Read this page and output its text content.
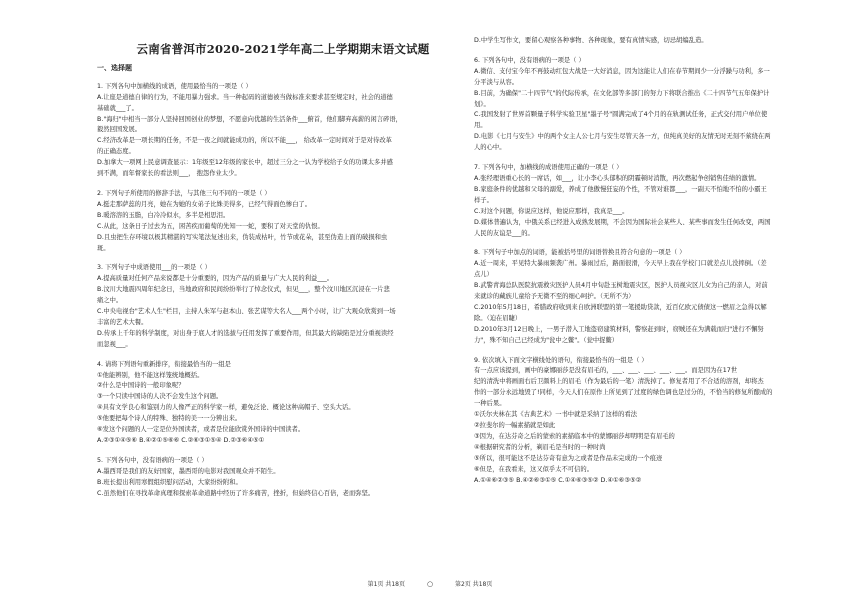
云南省普洱市2020-2021学年高二上学期期末语文试题
一、选择题
1. 下列各句中加横线的成语，使用最恰当的一项是（ ）
A.让座是道德自律的行为，不能用暴力强求。当一种起码的道德被当做标准来要求甚至规定时，社会的道德
基础就___了。
B."海归"中相当一部分人坚持回国创业的梦想，不愿意向优越的生活条件___俯首，他们脚弃高薪的闲言碎语，
毅然回国发展。
C.经济改革是一项长期的任务，不是一夜之间就能成功的，所以不能___， 给改革一定时间对于是对待改革
的正确态度。
D.加拿大一项网上民意调查显示：1年级至12年级的家长中，超过三分之一认为学校给子女的功课太多并感
到不满，而年督家长的看法则___， 抱怨作业太少。
2. 下列句子所使用的修辞手法，与其他三句不同的一项是（ ）
A.挺走那萨蕊的月亮，她在为她的女弟子比姝美得多，已经气得面色惨白了。
B.暖溶溶的玉脂，白冷冷似水，多半是相思泪。
C.从此，这条日子过去为五，困苦疾而葡萄的先知一一蛇，要积了对天堂的仇恨。
D.且虫把生存环境以极其精湛的写实笔法复述出来，伪装成枯叶，竹节或花朵，甚至伪造上面的破损和虫
斑。
3. 下列句子中成语使用___的一项是（ ）
A.提高质量对任何产品来说都是十分重要的，因为产品的质量与广大人民的利益___。
B.汶川大地震四周年纪念日，当地政府和民间纷纷举行了悼念仪式，但见___，整个汶川地区沉浸在一片悲
痛之中。
C.中央电视台"艺术人生"栏目，主持人朱军与赵本山、张艺谋等大名人___两个小时，让广大观众欣赏到一场
丰富的艺术大餐。
D.传承上千年的科学制度，对出身于底人才的选拔与任用发挥了重要作用，但其最大的缺陷是过分重视读经
而忽视___。
4. 请将下列语句重新排序，衔接最恰当的一组是
①他能辨别，他不能这样笼统地概括。
②什么是中国诗的一般印象呢？
③一个只读中国诗的人决不会发生这个问题。
④具有文学良心和鉴别力的人像严正的科学家一样，避免泛论、概论这种高帽子、空头大话。
⑤他要把每个诗人的特殊、独特的美一一分辨出来。
⑥发这个问题的人一定是位外国读者，或者是位能欣赏外国诗的中国读者。
A.②③①④⑤⑥ B.④②①⑤⑥⑥ C.②⑥③①⑤④ D.②③⑥④⑤①
5. 下列各句中，没有语病的一项是（ ）
A.墨西哥是我们的友好国家，墨西哥的电影对我国观众并不陌生。
B.班长提出利用寒假组织慰问活动，大家纷纷附和。
C.虽然他们在寻找革命真理和探索革命道路中经历了许多痛苦，挫折，但始终信心百倍，老而弥坚。
D.中学生写作文，要留心观察各种事物、各种现象，要有真情实感，切忌胡编乱造。
6. 下列各句中，没有语病的一项是（ ）
A.微信、支付宝今年不再鼓动红包大战是一大好消息，因为这能让人们在春节期间少一分浮躁与功利，多一
分平淡与从容。
B.目前，为确保"二十四节气"的代际传承，在文化部等多部门的努力下将联合推出《二十四节气五年保护计
划》。
C.我国发射了世界首颗量子科学实验卫星"墨子号"圆满完成了4个月的在轨测试任务，正式交付用户单位使
用。
D.电影《七月与安生》中的两个女主人公七月与安生尽管天各一方，但纯真美好的友情无时无刻不萦绕在两
人的心中。
7. 下列各句中，加横线的成语使用正确的一项是（ ）
A.张经理语重心长的一席话，如___，让小李心头郁积的阴霾顿时消散，再次燃起争创销售佳绩的激情。
B.家庭条件的优越和父母的溺爱，养成了他傲慢狂妄的个性，不管对谁都___，一副天不怕地不怕的小霸王
样子。
C.对这个问题，你说应这样，他说应那样，我真是___。
D.媒体普遍认为，中俄关系已经进入成熟发展期，不会因为国际社会某些人、某些事而发生任何改变，两国
人民的友谊是___的。
8. 下列句子中加点的词语，能被括号里的词语替换且符合句意的一项是（ ）
A.近一周来，平见特大暴雨频袭广州。暴雨过后，路面很滑，今天早上我在学校门口就差点儿没摔倒。（差
点儿）
B.武警青海总队医院抗震救灾医护人员4月中旬赴玉树地震灾区，医护人员视灾区儿女为自己的亲人，对前
来就诊的藏族儿童给予无微不至的细心呵护。（无所不为）
C.2010年5月18日，希腊政府收到来自欧洲联盟的第一笔援助贷款，近百亿欧元债债这一燃眉之急得以解
除。（迫在眉睫）
D.2010年3月12日晚上，一男子潜入工地盗窃建筑材料，警察赶到时，窃贼还在为满载而归"进行不懈努
力"，殊不知自己已经成为"瓮中之鳖"。（瓮中捉鳖）
9. 依次填入下面文字横线处的语句，衔接最恰当的一组是（ ）
有一点应该提到，画中的豪娜丽莎是没有眉毛的，___、___、___、___、___。而是因为在17世
纪的清洗中将画面右后卫颜料上的眉毛（作为最后的一笔）清洗掉了。修复者用了不合适的溶剂，却将杰
作的一部分永远地毁了!同样，今天人们在原作上所见到了过度的绿色调也是过分的，不恰当的修复所酿成的
一种后果。
①沃尔夫林在其《古典艺术》一书中就是采纳了这样的看法
②拉斐尔的一幅素描就是如此
③因为，在达芬奇之后的蒙索的素描临本中的蒙娜丽莎却明明是有眉毛的
④根据研究者的分析，剃眉毛是当时的一种时尚
⑤所以，很可能这不是达芬奇有意为之或者是作品未完成的一个痕迹
⑥但是，在我看来，这又似乎太不可信的。
A.①④⑥②③⑤ B.④②⑥③①⑤ C.①④⑥③⑤② D.④①⑥③⑤②
第1页 共18页	○	第2页 共18页
